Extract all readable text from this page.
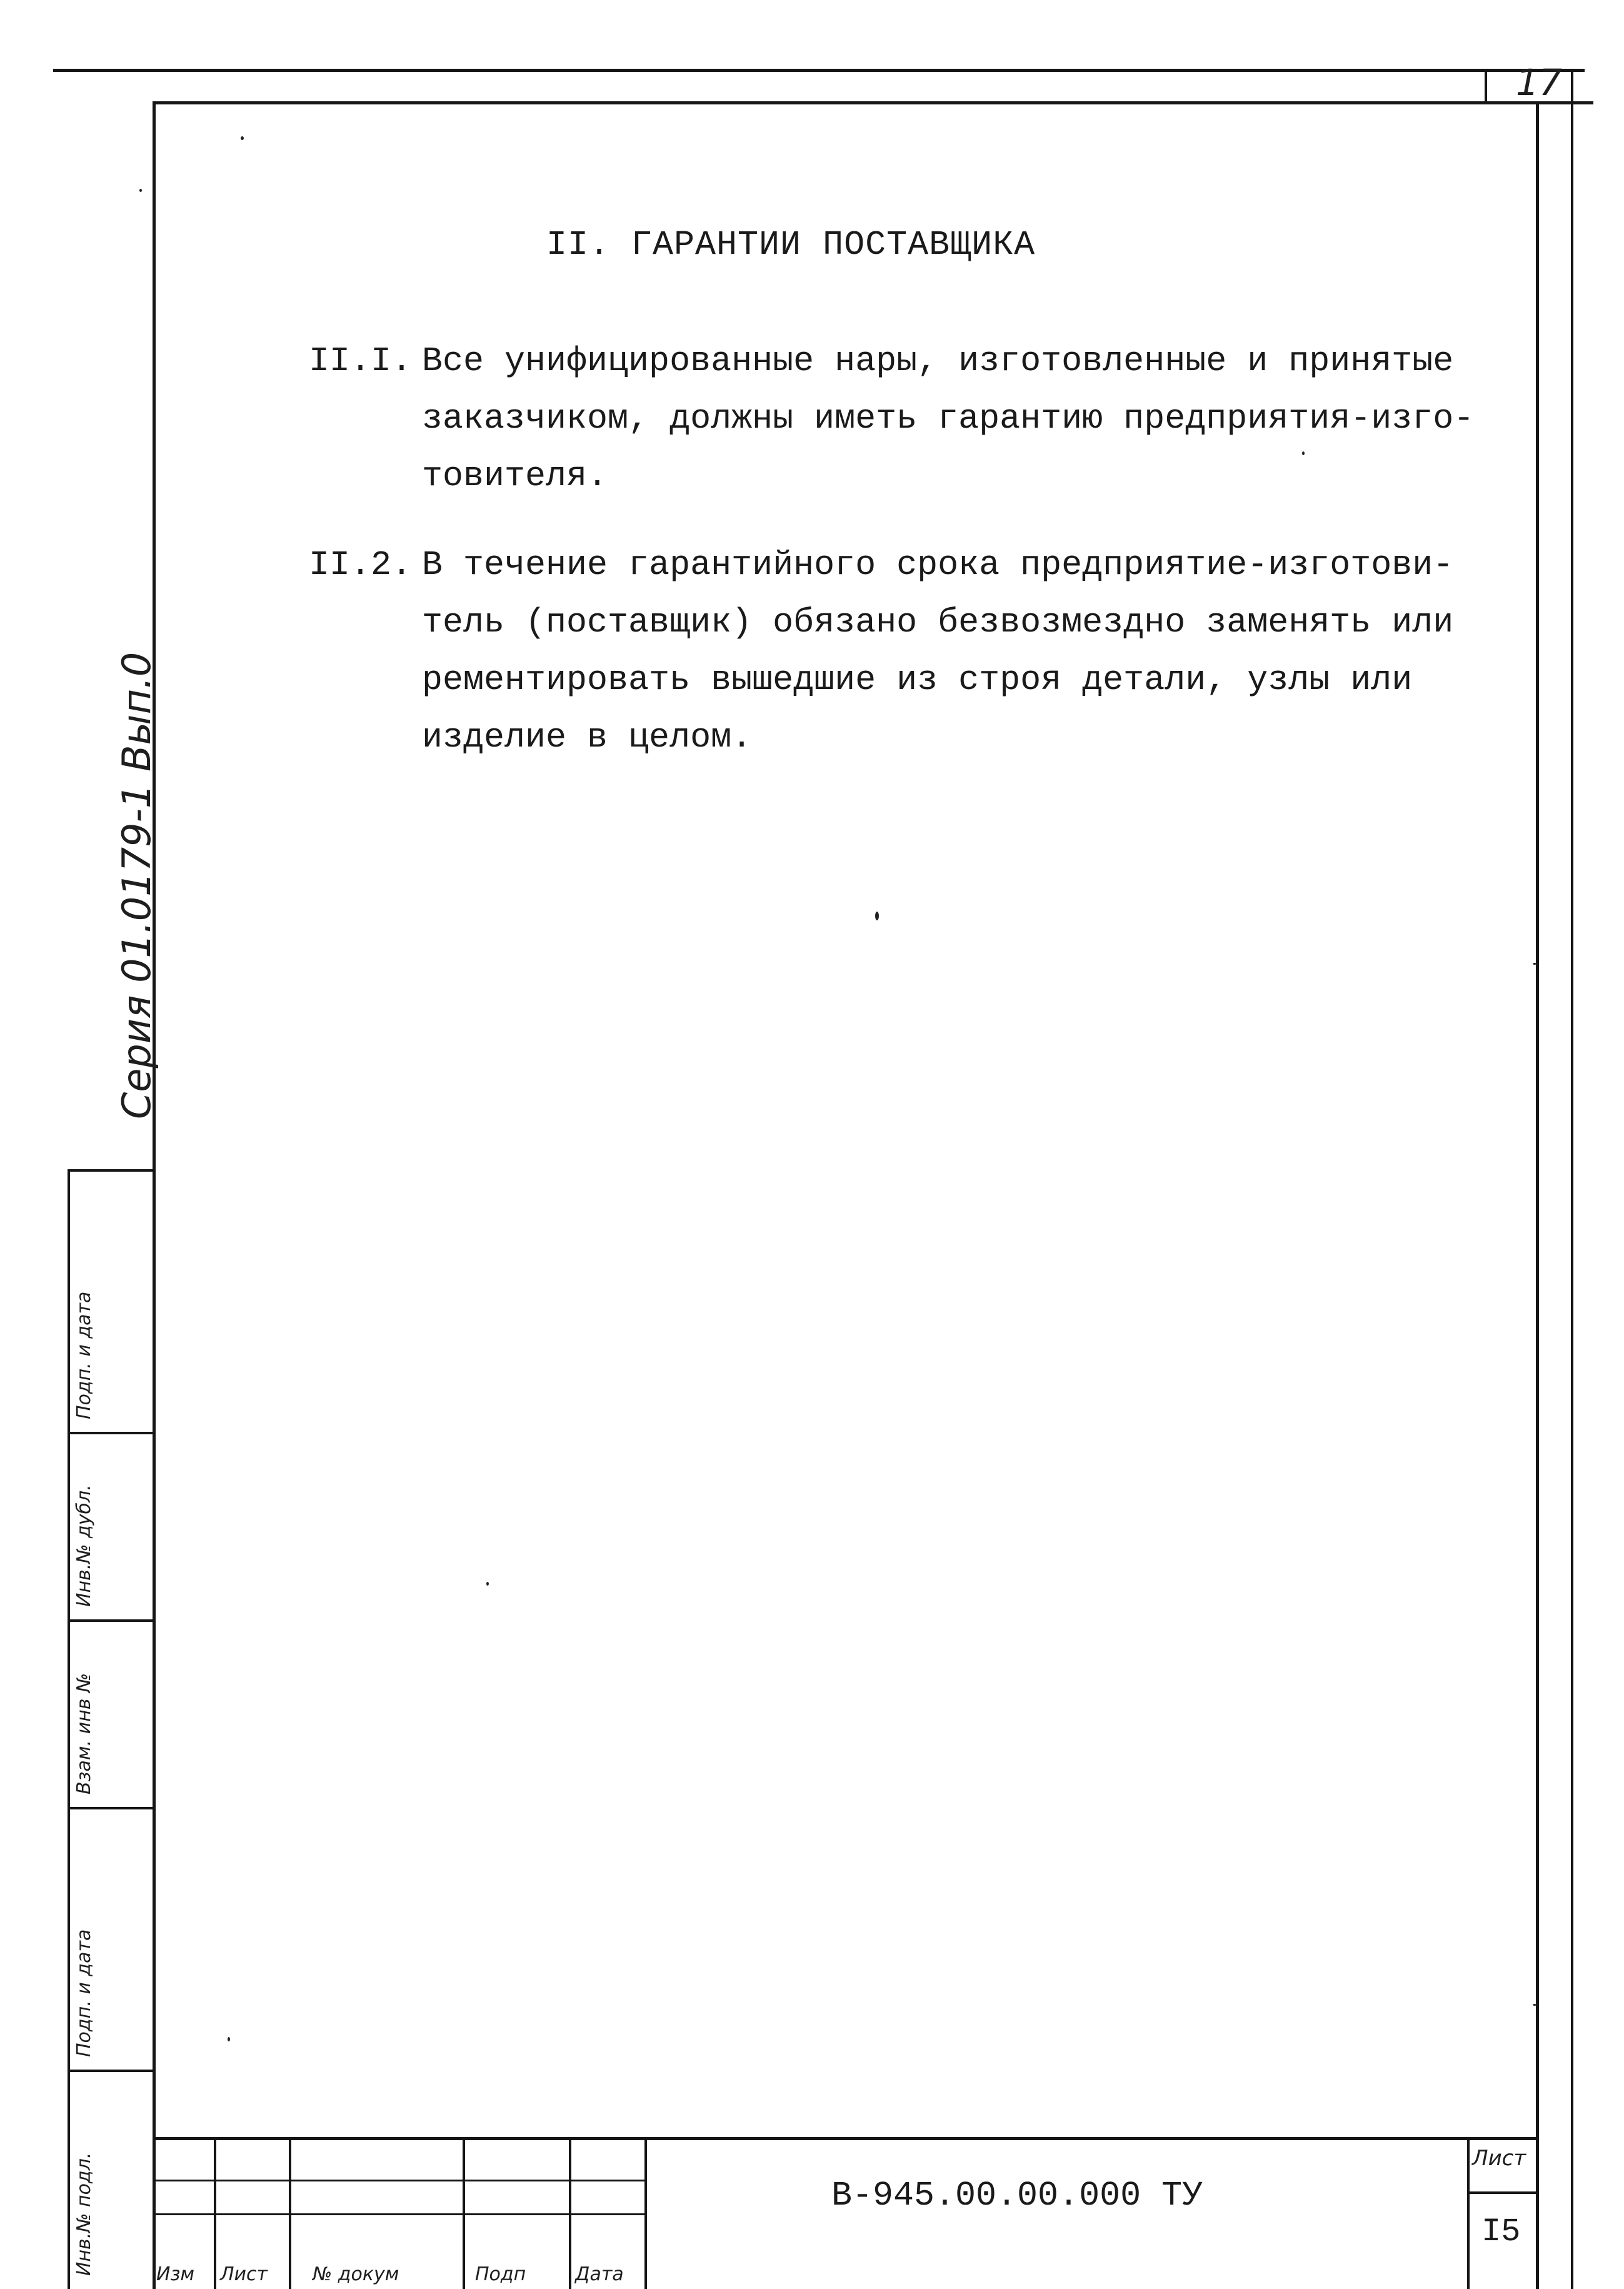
17
II. ГАРАНТИИ ПОСТАВЩИКА
II.I. Все унифицированные нары, изготовленные и принятые
заказчиком, должны иметь гарантию предприятия-изго-
товителя.
II.2. В течение гарантийного срока предприятие-изготови-
тель (поставщик) обязано безвозмездно заменять или
рементировать вышедшие из строя детали, узлы или
изделие в целом.
Серия 01.0179-1 Вып.0
Подп. и дата
Инв.№ дубл.
Взам. инв №
Подп. и дата
Инв.№ подл.	Изм Лист № докум	Подп	Дата
В-945.00.00.000 ТУ
Лист
I5
